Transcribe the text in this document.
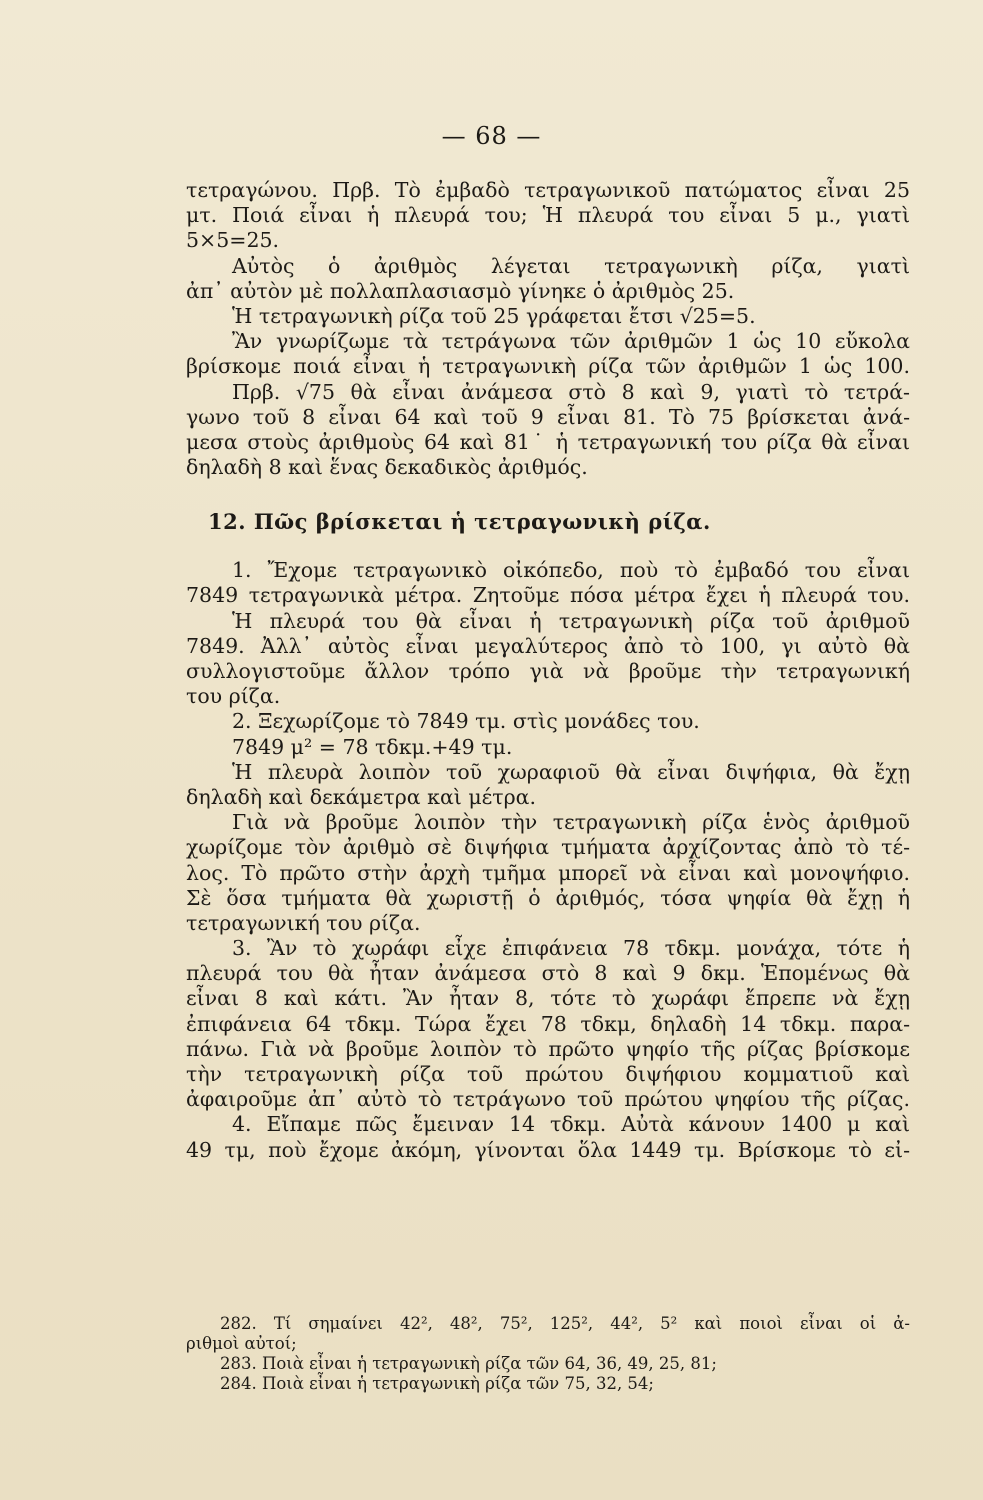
— 68 —
τετραγώνου. Πρβ. Τὸ ἐμβαδὸ τετραγωνικοῦ πατώματος εἶναι 25
μτ. Ποιά εἶναι ἡ πλευρά του; Ἡ πλευρά του εἶναι 5 μ., γιατὶ
5×5=25.
Αὐτὸς ὁ ἀριθμὸς λέγεται τετραγωνικὴ ρίζα, γιατὶ
ἀπ᾽ αὐτὸν μὲ πολλαπλασιασμὸ γίνηκε ὁ ἀριθμὸς 25.
Ἡ τετραγωνικὴ ρίζα τοῦ 25 γράφεται ἔτσι √25=5.
Ἂν γνωρίζωμε τὰ τετράγωνα τῶν ἀριθμῶν 1 ὡς 10 εὔκολα
βρίσκομε ποιά εἶναι ἡ τετραγωνικὴ ρίζα τῶν ἀριθμῶν 1 ὡς 100.
Πρβ. √75 θὰ εἶναι ἀνάμεσα στὸ 8 καὶ 9, γιατὶ τὸ τετρά-
γωνο τοῦ 8 εἶναι 64 καὶ τοῦ 9 εἶναι 81. Τὸ 75 βρίσκεται ἀνά-
μεσα στοὺς ἀριθμοὺς 64 καὶ 81˙ ἡ τετραγωνική του ρίζα θὰ εἶναι
δηλαδὴ 8 καὶ ἕνας δεκαδικὸς ἀριθμός.
12. Πῶς βρίσκεται ἡ τετραγωνικὴ ρίζα.
1. Ἔχομε τετραγωνικὸ οἰκόπεδο, ποὺ τὸ ἐμβαδό του εἶναι
7849 τετραγωνικὰ μέτρα. Ζητοῦμε πόσα μέτρα ἔχει ἡ πλευρά του.
Ἡ πλευρά του θὰ εἶναι ἡ τετραγωνικὴ ρίζα τοῦ ἀριθμοῦ
7849. Ἀλλ᾽ αὐτὸς εἶναι μεγαλύτερος ἀπὸ τὸ 100, γι αὐτὸ θὰ
συλλογιστοῦμε ἄλλον τρόπο γιὰ νὰ βροῦμε τὴν τετραγωνική
του ρίζα.
2. Ξεχωρίζομε τὸ 7849 τμ. στὶς μονάδες του.
7849 μ² = 78 τδκμ.+49 τμ.
Ἡ πλευρὰ λοιπὸν τοῦ χωραφιοῦ θὰ εἶναι διψήφια, θὰ ἔχῃ
δηλαδὴ καὶ δεκάμετρα καὶ μέτρα.
Γιὰ νὰ βροῦμε λοιπὸν τὴν τετραγωνικὴ ρίζα ἑνὸς ἀριθμοῦ
χωρίζομε τὸν ἀριθμὸ σὲ διψήφια τμήματα ἀρχίζοντας ἀπὸ τὸ τέ-
λος. Τὸ πρῶτο στὴν ἀρχὴ τμῆμα μπορεῖ νὰ εἶναι καὶ μονοψήφιο.
Σὲ ὅσα τμήματα θὰ χωριστῇ ὁ ἀριθμός, τόσα ψηφία θὰ ἔχῃ ἡ
τετραγωνική του ρίζα.
3. Ἂν τὸ χωράφι εἶχε ἐπιφάνεια 78 τδκμ. μονάχα, τότε ἡ
πλευρά του θὰ ἦταν ἀνάμεσα στὸ 8 καὶ 9 δκμ. Ἑπομένως θὰ
εἶναι 8 καὶ κάτι. Ἂν ἦταν 8, τότε τὸ χωράφι ἔπρεπε νὰ ἔχῃ
ἐπιφάνεια 64 τδκμ. Τώρα ἔχει 78 τδκμ, δηλαδὴ 14 τδκμ. παρα-
πάνω. Γιὰ νὰ βροῦμε λοιπὸν τὸ πρῶτο ψηφίο τῆς ρίζας βρίσκομε
τὴν τετραγωνικὴ ρίζα τοῦ πρώτου διψήφιου κομματιοῦ καὶ
ἀφαιροῦμε ἀπ᾽ αὐτὸ τὸ τετράγωνο τοῦ πρώτου ψηφίου τῆς ρίζας.
4. Εἴπαμε πῶς ἔμειναν 14 τδκμ. Αὐτὰ κάνουν 1400 μ καὶ
49 τμ, ποὺ ἔχομε ἀκόμη, γίνονται ὅλα 1449 τμ. Βρίσκομε τὸ εἰ-
282. Τί σημαίνει 42², 48², 75², 125², 44², 5² καὶ ποιοὶ εἶναι οἱ ἀ-
ριθμοὶ αὐτοί;
283. Ποιὰ εἶναι ἡ τετραγωνικὴ ρίζα τῶν 64, 36, 49, 25, 81;
284. Ποιὰ εἶναι ἡ τετραγωνικὴ ρίζα τῶν 75, 32, 54;
